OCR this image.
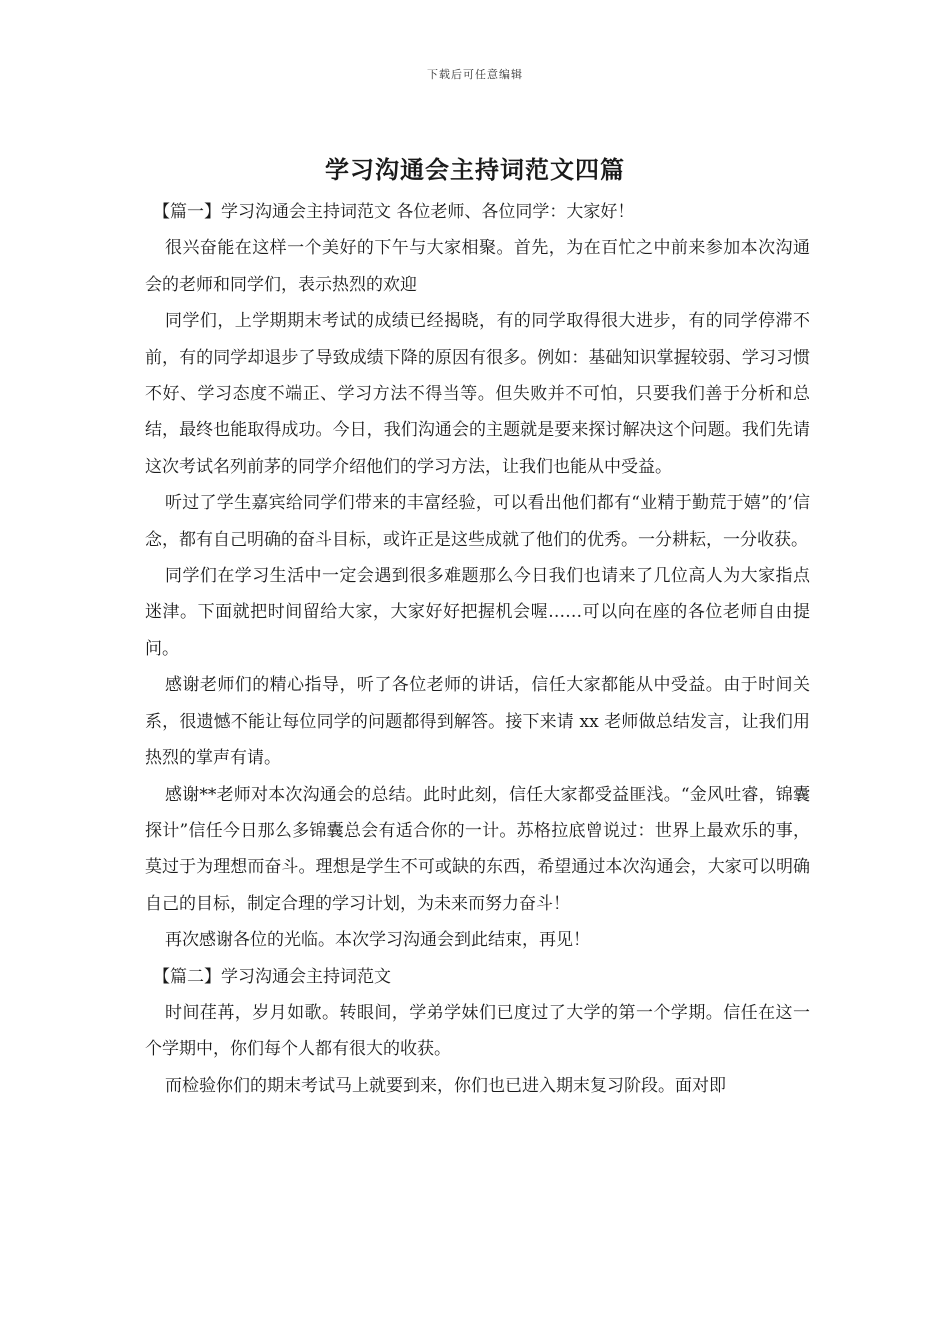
下载后可任意编辑
学习沟通会主持词范文四篇

【篇一】学习沟通会主持词范文 各位老师、各位同学：大家好！

很兴奋能在这样一个美好的下午与大家相聚。首先，为在百忙之中前来参加本次沟通会的老师和同学们，表示热烈的欢迎

同学们，上学期期末考试的成绩已经揭晓，有的同学取得很大进步，有的同学停滞不前，有的同学却退步了导致成绩下降的原因有很多。例如：基础知识掌握较弱、学习习惯不好、学习态度不端正、学习方法不得当等。但失败并不可怕，只要我们善于分析和总结，最终也能取得成功。今日，我们沟通会的主题就是要来探讨解决这个问题。我们先请这次考试名列前茅的同学介绍他们的学习方法，让我们也能从中受益。

听过了学生嘉宾给同学们带来的丰富经验，可以看出他们都有“业精于勤荒于嬉”的’信念，都有自己明确的奋斗目标，或许正是这些成就了他们的优秀。一分耕耘，一分收获。

同学们在学习生活中一定会遇到很多难题那么今日我们也请来了几位高人为大家指点迷津。下面就把时间留给大家，大家好好把握机会喔……可以向在座的各位老师自由提问。

感谢老师们的精心指导，听了各位老师的讲话，信任大家都能从中受益。由于时间关系，很遗憾不能让每位同学的问题都得到解答。接下来请 xx 老师做总结发言，让我们用热烈的掌声有请。

感谢**老师对本次沟通会的总结。此时此刻，信任大家都受益匪浅。“金风吐睿，锦囊探计”信任今日那么多锦囊总会有适合你的一计。苏格拉底曾说过：世界上最欢乐的事，莫过于为理想而奋斗。理想是学生不可或缺的东西，希望通过本次沟通会，大家可以明确自己的目标，制定合理的学习计划，为未来而努力奋斗！

再次感谢各位的光临。本次学习沟通会到此结束，再见！

【篇二】学习沟通会主持词范文

时间荏苒，岁月如歌。转眼间，学弟学妹们已度过了大学的第一个学期。信任在这一个学期中，你们每个人都有很大的收获。

而检验你们的期末考试马上就要到来，你们也已进入期末复习阶段。面对即
